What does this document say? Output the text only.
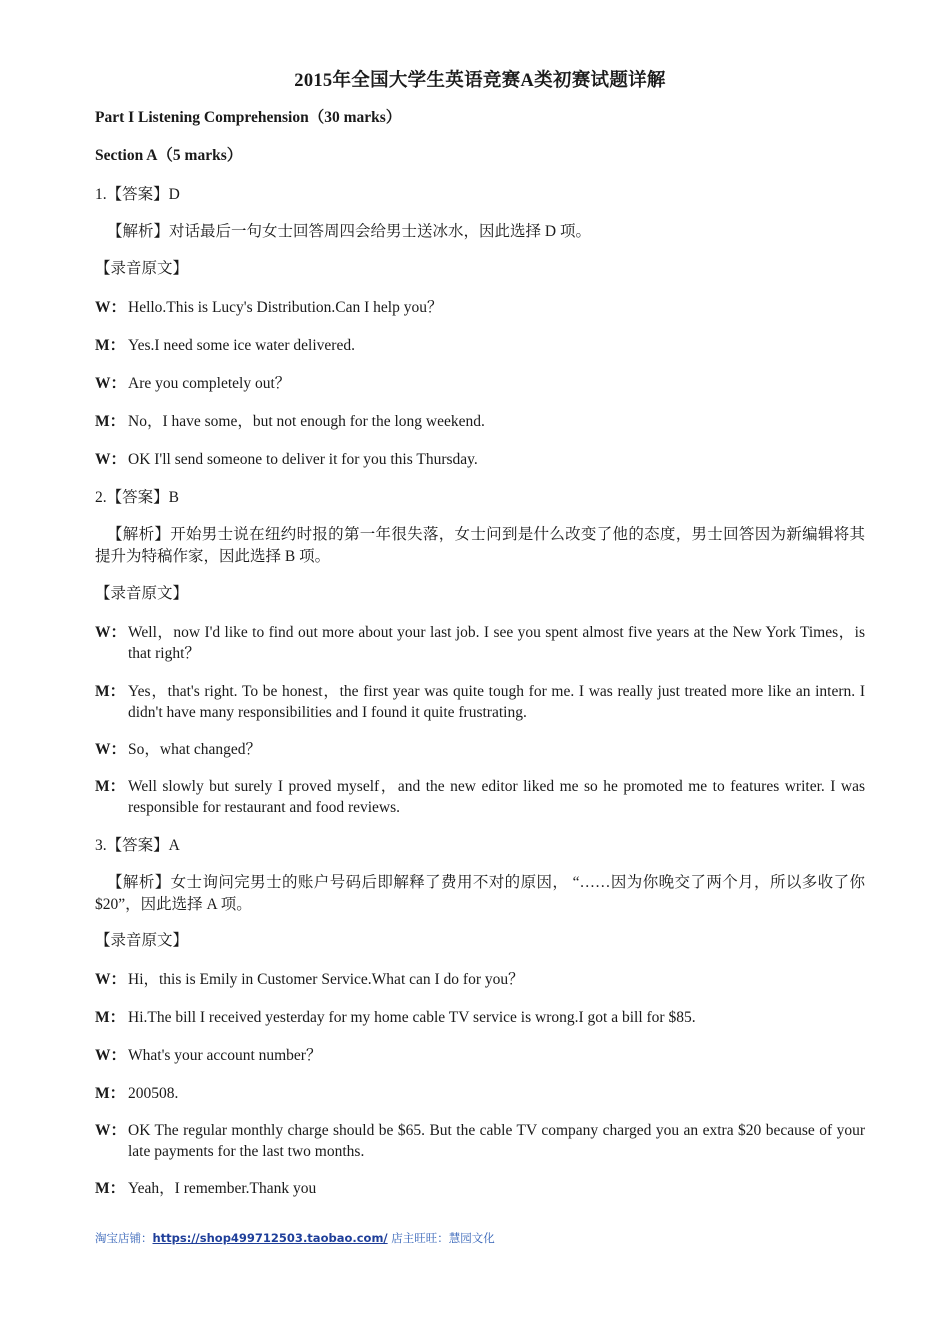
2015年全国大学生英语竞赛A类初赛试题详解
Part I Listening Comprehension（30 marks）
Section A（5 marks）
1.【答案】D
【解析】对话最后一句女士回答周四会给男士送冰水，因此选择 D 项。
【录音原文】
W： Hello.This is Lucy's Distribution.Can I help you？
M： Yes.I need some ice water delivered.
W： Are you completely out？
M： No，I have some，but not enough for the long weekend.
W： OK I'll send someone to deliver it for you this Thursday.
2.【答案】B
【解析】开始男士说在纽约时报的第一年很失落，女士问到是什么改变了他的态度，男士回答因为新编辑将其提升为特稿作家，因此选择 B 项。
【录音原文】
W： Well，now I'd like to find out more about your last job. I see you spent almost five years at the New York Times，is that right？
M： Yes，that's right. To be honest，the first year was quite tough for me. I was really just treated more like an intern. I didn't have many responsibilities and I found it quite frustrating.
W： So，what changed？
M： Well slowly but surely I proved myself，and the new editor liked me so he promoted me to features writer. I was responsible for restaurant and food reviews.
3.【答案】A
【解析】女士询问完男士的账户号码后即解释了费用不对的原因， “……因为你晚交了两个月，所以多收了你$20”，因此选择 A 项。
【录音原文】
W： Hi，this is Emily in Customer Service.What can I do for you？
M： Hi.The bill I received yesterday for my home cable TV service is wrong.I got a bill for $85.
W： What's your account number？
M： 200508.
W： OK The regular monthly charge should be $65. But the cable TV company charged you an extra $20 because of your late payments for the last two months.
M： Yeah，I remember.Thank you
淘宝店铺：https://shop499712503.taobao.com/ 店主旺旺：慧园文化
